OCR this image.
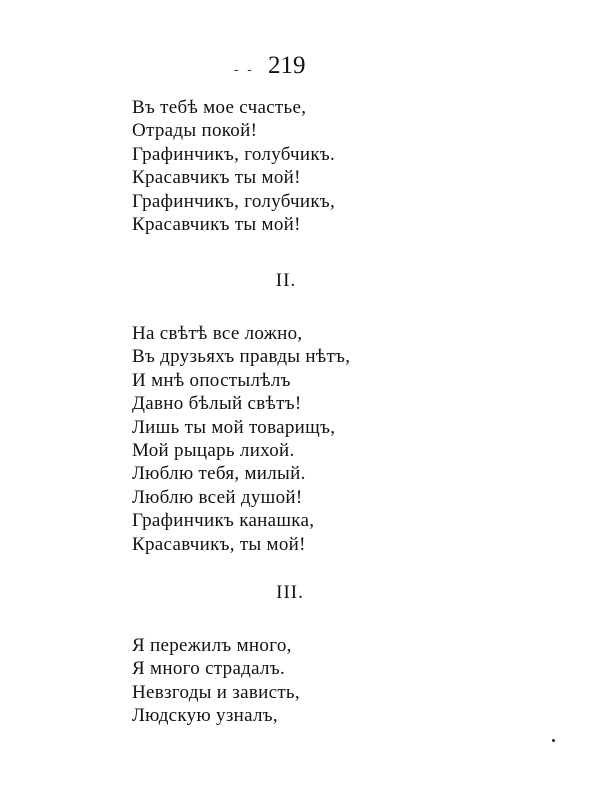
- - 219
Въ тебѣ мое счастье,
Отрады покой!
Графинчикъ, голубчикъ.
Красавчикъ ты мой!
Графинчикъ, голубчикъ,
Красавчикъ ты мой!
II.
На свѣтѣ все ложно,
Въ друзьяхъ правды нѣтъ,
И мнѣ опостылѣлъ
Давно бѣлый свѣтъ!
Лишь ты мой товарищъ,
Мой рыцарь лихой.
Люблю тебя, милый.
Люблю всей душой!
Графинчикъ канашка,
Красавчикъ, ты мой!
III.
Я пережилъ много,
Я много страдалъ.
Невзгоды и зависть,
Людскую узналъ,
